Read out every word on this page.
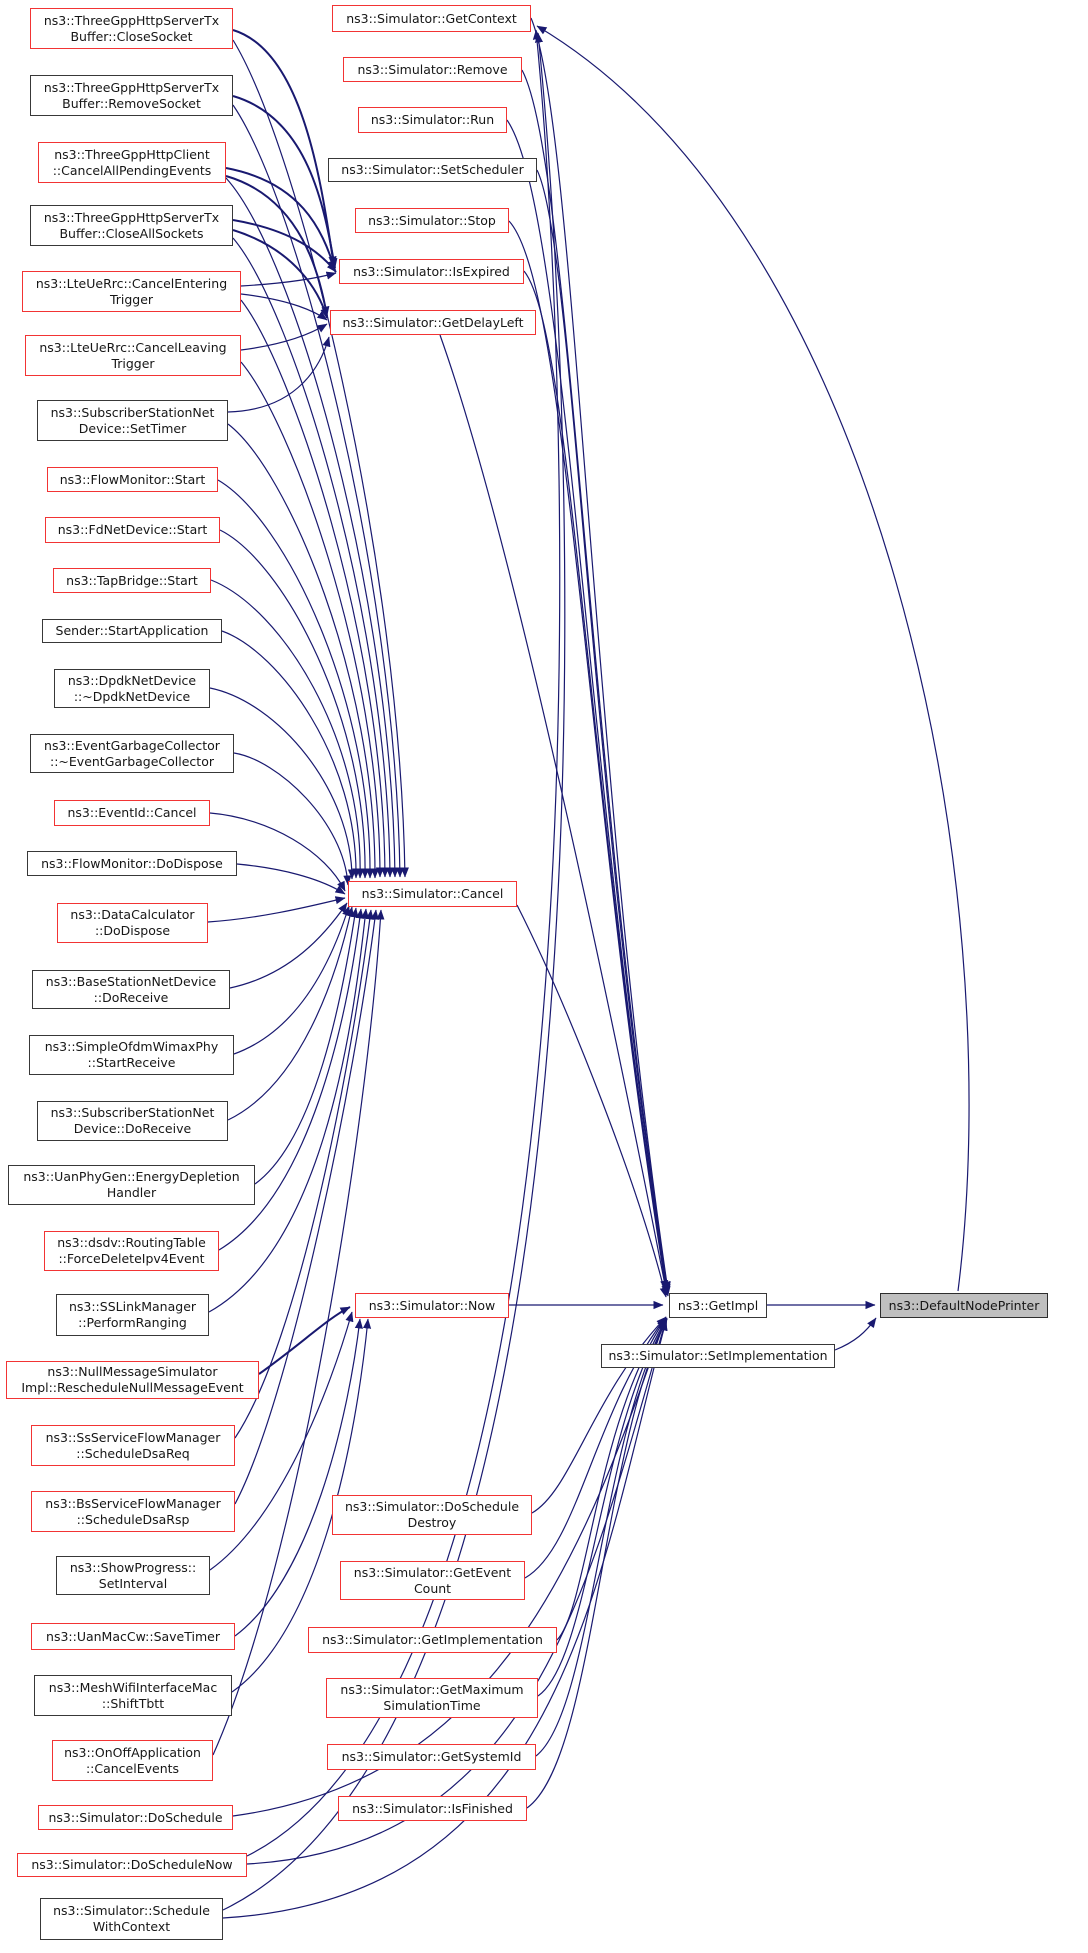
ns3::ThreeGppHttpServerTx
Buffer::CloseSocket
ns3::ThreeGppHttpServerTx
Buffer::RemoveSocket
ns3::ThreeGppHttpClient
::CancelAllPendingEvents
ns3::ThreeGppHttpServerTx
Buffer::CloseAllSockets
ns3::LteUeRrc::CancelEntering
Trigger
ns3::LteUeRrc::CancelLeaving
Trigger
ns3::SubscriberStationNet
Device::SetTimer
ns3::FlowMonitor::Start
ns3::FdNetDevice::Start
ns3::TapBridge::Start
Sender::StartApplication
ns3::DpdkNetDevice
::~DpdkNetDevice
ns3::EventGarbageCollector
::~EventGarbageCollector
ns3::EventId::Cancel
ns3::FlowMonitor::DoDispose
ns3::DataCalculator
::DoDispose
ns3::BaseStationNetDevice
::DoReceive
ns3::SimpleOfdmWimaxPhy
::StartReceive
ns3::SubscriberStationNet
Device::DoReceive
ns3::UanPhyGen::EnergyDepletion
Handler
ns3::dsdv::RoutingTable
::ForceDeleteIpv4Event
ns3::SSLinkManager
::PerformRanging
ns3::NullMessageSimulator
Impl::RescheduleNullMessageEvent
ns3::SsServiceFlowManager
::ScheduleDsaReq
ns3::BsServiceFlowManager
::ScheduleDsaRsp
ns3::ShowProgress::
SetInterval
ns3::UanMacCw::SaveTimer
ns3::MeshWifiInterfaceMac
::ShiftTbtt
ns3::OnOffApplication
::CancelEvents
ns3::Simulator::DoSchedule
ns3::Simulator::DoScheduleNow
ns3::Simulator::Schedule
WithContext
ns3::Simulator::GetContext
ns3::Simulator::Remove
ns3::Simulator::Run
ns3::Simulator::SetScheduler
ns3::Simulator::Stop
ns3::Simulator::IsExpired
ns3::Simulator::GetDelayLeft
ns3::Simulator::Cancel
ns3::Simulator::Now
ns3::Simulator::DoSchedule
Destroy
ns3::Simulator::GetEvent
Count
ns3::Simulator::GetImplementation
ns3::Simulator::GetMaximum
SimulationTime
ns3::Simulator::GetSystemId
ns3::Simulator::IsFinished
ns3::GetImpl
ns3::Simulator::SetImplementation
ns3::DefaultNodePrinter
